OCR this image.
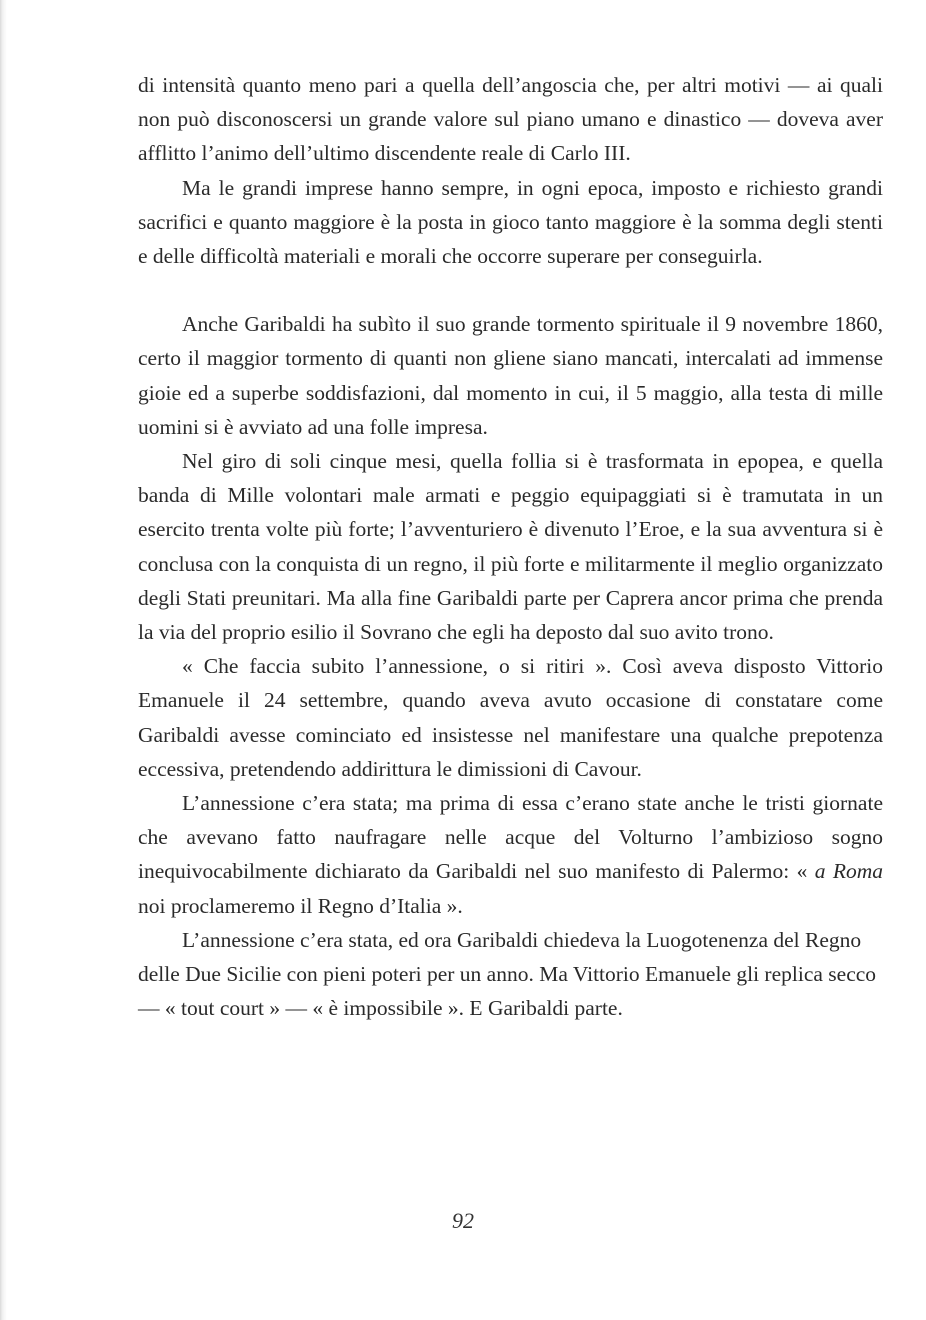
di intensità quanto meno pari a quella dell’angoscia che, per altri motivi — ai quali non può disconoscersi un grande valore sul piano umano e dinastico — doveva aver afflitto l’animo dell’ultimo discendente reale di Carlo III.

Ma le grandi imprese hanno sempre, in ogni epoca, imposto e richiesto grandi sacrifici e quanto maggiore è la posta in gioco tanto maggiore è la somma degli stenti e delle difficoltà materiali e morali che occorre superare per conseguirla.

Anche Garibaldi ha subìto il suo grande tormento spirituale il 9 novembre 1860, certo il maggior tormento di quanti non gliene siano mancati, intercalati ad immense gioie ed a superbe soddisfazioni, dal momento in cui, il 5 maggio, alla testa di mille uomini si è avviato ad una folle impresa.

Nel giro di soli cinque mesi, quella follia si è trasformata in epopea, e quella banda di Mille volontari male armati e peggio equipaggiati si è tramutata in un esercito trenta volte più forte; l’avventuriero è divenuto l’Eroe, e la sua avventura si è conclusa con la conquista di un regno, il più forte e militarmente il meglio organizzato degli Stati preunitari. Ma alla fine Garibaldi parte per Caprera ancor prima che prenda la via del proprio esilio il Sovrano che egli ha deposto dal suo avito trono.

« Che faccia subito l’annessione, o si ritiri ». Così aveva disposto Vittorio Emanuele il 24 settembre, quando aveva avuto occasione di constatare come Garibaldi avesse cominciato ed insistesse nel manifestare una qualche prepotenza eccessiva, pretendendo addirittura le dimissioni di Cavour.

L’annessione c’era stata; ma prima di essa c’erano state anche le tristi giornate che avevano fatto naufragare nelle acque del Volturno l’ambizioso sogno inequivocabilmente dichiarato da Garibaldi nel suo manifesto di Palermo: « a Roma noi proclameremo il Regno d’Italia ».

L’annessione c’era stata, ed ora Garibaldi chiedeva la Luogotenenza del Regno delle Due Sicilie con pieni poteri per un anno. Ma Vittorio Emanuele gli replica secco — « tout court » — « è impossibile ». E Garibaldi parte.

92
